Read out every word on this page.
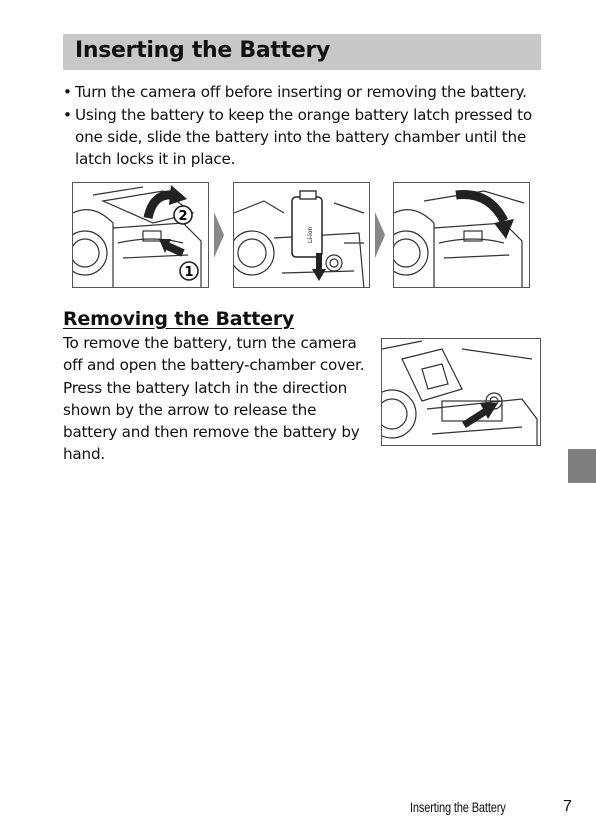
Inserting the Battery
• Turn the camera off before inserting or removing the battery.
• Using the battery to keep the orange battery latch pressed to one side, slide the battery into the battery chamber until the latch locks it in place.
2
1
Li-ion
Removing the Battery

To remove the battery, turn the camera off and open the battery-chamber cover. Press the battery latch in the direction shown by the arrow to release the battery and then remove the battery by hand.

Inserting the Battery	7
